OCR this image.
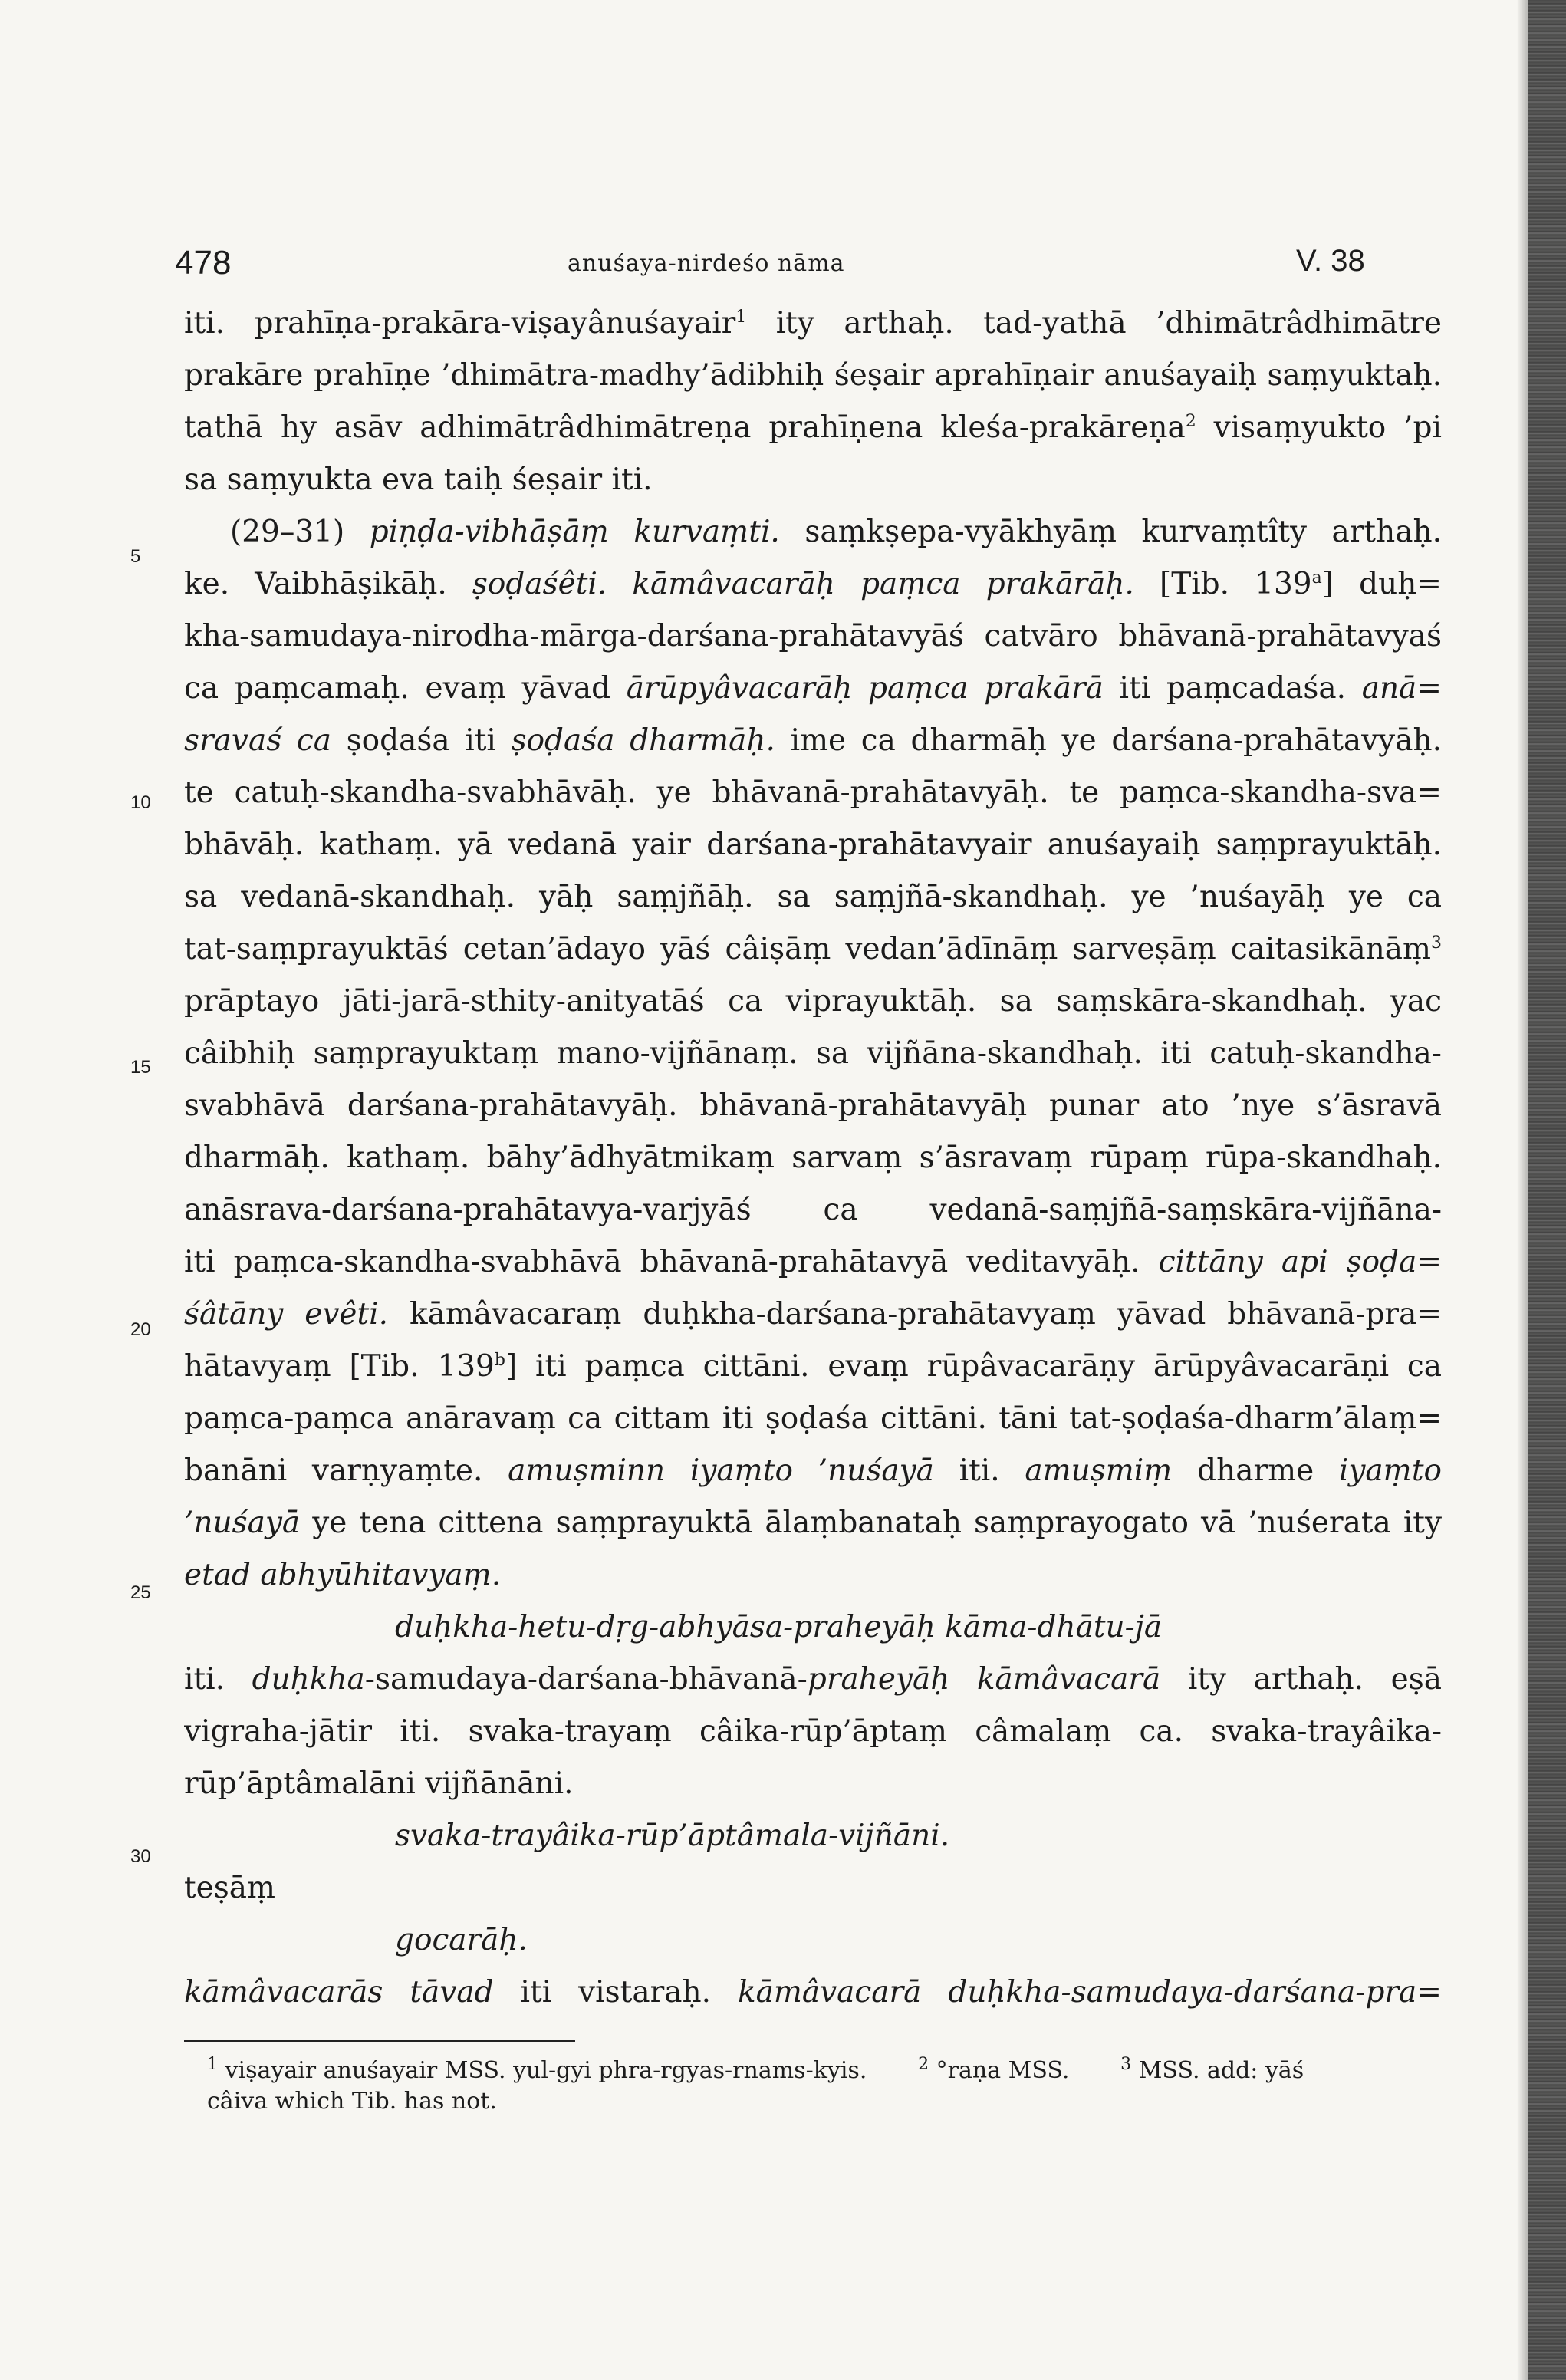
478	anuśaya-nirdeśo nāma	V. 38
5
10
15
20
25
30
iti. prahīṇa-prakāra-viṣayânuśayair$^1$ ity arthaḥ. tad-yathā ’dhimātrâdhimātre
prakāre prahīṇe ’dhimātra-madhy’ādibhiḥ śeṣair aprahīṇair anuśayaiḥ saṃyuktaḥ.
tathā hy asāv adhimātrâdhimātreṇa prahīṇena kleśa-prakāreṇa$^2$ visaṃyukto ’pi
sa saṃyukta eva taiḥ śeṣair iti.
(29–31) piṇḍa-vibhāṣāṃ kurvaṃti. saṃkṣepa-vyākhyāṃ kurvaṃtîty arthaḥ.
ke. Vaibhāṣikāḥ. ṣoḍaśêti. kāmâvacarāḥ paṃca prakārāḥ. [Tib. 139$^a$] duḥ=
kha-samudaya-nirodha-mārga-darśana-prahātavyāś catvāro bhāvanā-prahātavyaś
ca paṃcamaḥ. evaṃ yāvad ārūpyâvacarāḥ paṃca prakārā iti paṃcadaśa. anā=
sravaś ca ṣoḍaśa iti ṣoḍaśa dharmāḥ. ime ca dharmāḥ ye darśana-prahātavyāḥ.
te catuḥ-skandha-svabhāvāḥ. ye bhāvanā-prahātavyāḥ. te paṃca-skandha-sva=
bhāvāḥ. kathaṃ. yā vedanā yair darśana-prahātavyair anuśayaiḥ saṃprayuktāḥ.
sa vedanā-skandhaḥ. yāḥ saṃjñāḥ. sa saṃjñā-skandhaḥ. ye ’nuśayāḥ ye ca
tat-saṃprayuktāś cetan’ādayo yāś câiṣāṃ vedan’ādīnāṃ sarveṣāṃ caitasikānāṃ$^3$
prāptayo jāti-jarā-sthity-anityatāś ca viprayuktāḥ. sa saṃskāra-skandhaḥ. yac
câibhiḥ saṃprayuktaṃ mano-vijñānaṃ. sa vijñāna-skandhaḥ. iti catuḥ-skandha-
svabhāvā darśana-prahātavyāḥ. bhāvanā-prahātavyāḥ punar ato ’nye s’āsravā
dharmāḥ. kathaṃ. bāhy’ādhyātmikaṃ sarvaṃ s’āsravaṃ rūpaṃ rūpa-skandhaḥ.
anāsrava-darśana-prahātavya-varjyāś ca vedanā-saṃjñā-saṃskāra-vijñāna-
iti paṃca-skandha-svabhāvā bhāvanā-prahātavyā veditavyāḥ. cittāny api ṣoḍa=
śâtāny evêti. kāmâvacaraṃ duḥkha-darśana-prahātavyaṃ yāvad bhāvanā-pra=
hātavyaṃ [Tib. 139$^b$] iti paṃca cittāni. evaṃ rūpâvacarāṇy ārūpyâvacarāṇi ca
paṃca-paṃca anāravaṃ ca cittam iti ṣoḍaśa cittāni. tāni tat-ṣoḍaśa-dharm’ālaṃ=
banāni varṇyaṃte. amuṣminn iyaṃto ’nuśayā iti. amuṣmiṃ dharme iyaṃto
’nuśayā ye tena cittena saṃprayuktā ālaṃbanataḥ saṃprayogato vā ’nuśerata ity
etad abhyūhitavyaṃ.
duḥkha-hetu-dṛg-abhyāsa-praheyāḥ kāma-dhātu-jā
iti. duḥkha-samudaya-darśana-bhāvanā-praheyāḥ kāmâvacarā ity arthaḥ. eṣā
vigraha-jātir iti. svaka-trayaṃ câika-rūp’āptaṃ câmalaṃ ca. svaka-trayâika-
rūp’āptâmalāni vijñānāni.
svaka-trayâika-rūp’āptâmala-vijñāni.
teṣāṃ
gocarāḥ.
kāmâvacarās tāvad iti vistaraḥ. kāmâvacarā duḥkha-samudaya-darśana-pra=
$^1$ viṣayair anuśayair MSS. yul-gyi phra-rgyas-rnams-kyis.	$^2$ °raṇa MSS.	$^3$ MSS. add: yāś
câiva which Tib. has not.
